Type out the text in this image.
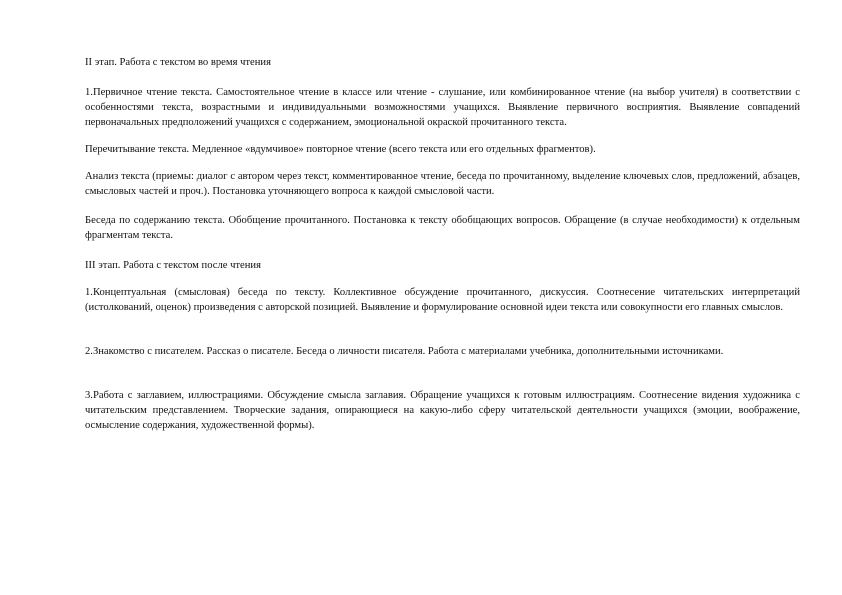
II этап. Работа с текстом во время чтения

1.Первичное чтение текста. Самостоятельное чтение в классе или чтение - слушание, или комбинированное чтение (на выбор учителя) в соответствии с особенностями текста, возрастными и индивидуальными возможностями учащихся. Выявление первичного восприятия. Выявление совпадений первоначальных предположений учащихся с содержанием, эмоциональной окраской прочитанного текста.

Перечитывание текста. Медленное «вдумчивое» повторное чтение (всего текста или его отдельных фрагментов).

Анализ текста (приемы: диалог с автором через текст, комментированное чтение, беседа по прочитанному, выделение ключевых слов, предложений, абзацев, смысловых частей и проч.). Постановка уточняющего вопроса к каждой смысловой части.

Беседа по содержанию текста. Обобщение прочитанного. Постановка к тексту обобщающих вопросов. Обращение (в случае необходимости) к отдельным фрагментам текста.

III этап. Работа с текстом после чтения

1.Концептуальная (смысловая) беседа по тексту. Коллективное обсуждение прочитанного, дискуссия. Соотнесение читательских интерпретаций (истолкований, оценок) произведения с авторской позицией. Выявление и формулирование основной идеи текста или совокупности его главных смыслов.

2.Знакомство с писателем. Рассказ о писателе. Беседа о личности писателя. Работа с материалами учебника, дополнительными источниками.

3.Работа с заглавием, иллюстрациями. Обсуждение смысла заглавия. Обращение учащихся к готовым иллюстрациям. Соотнесение видения художника с читательским представлением. Творческие задания, опирающиеся на какую-либо сферу читательской деятельности учащихся (эмоции, воображение, осмысление содержания, художественной формы).
